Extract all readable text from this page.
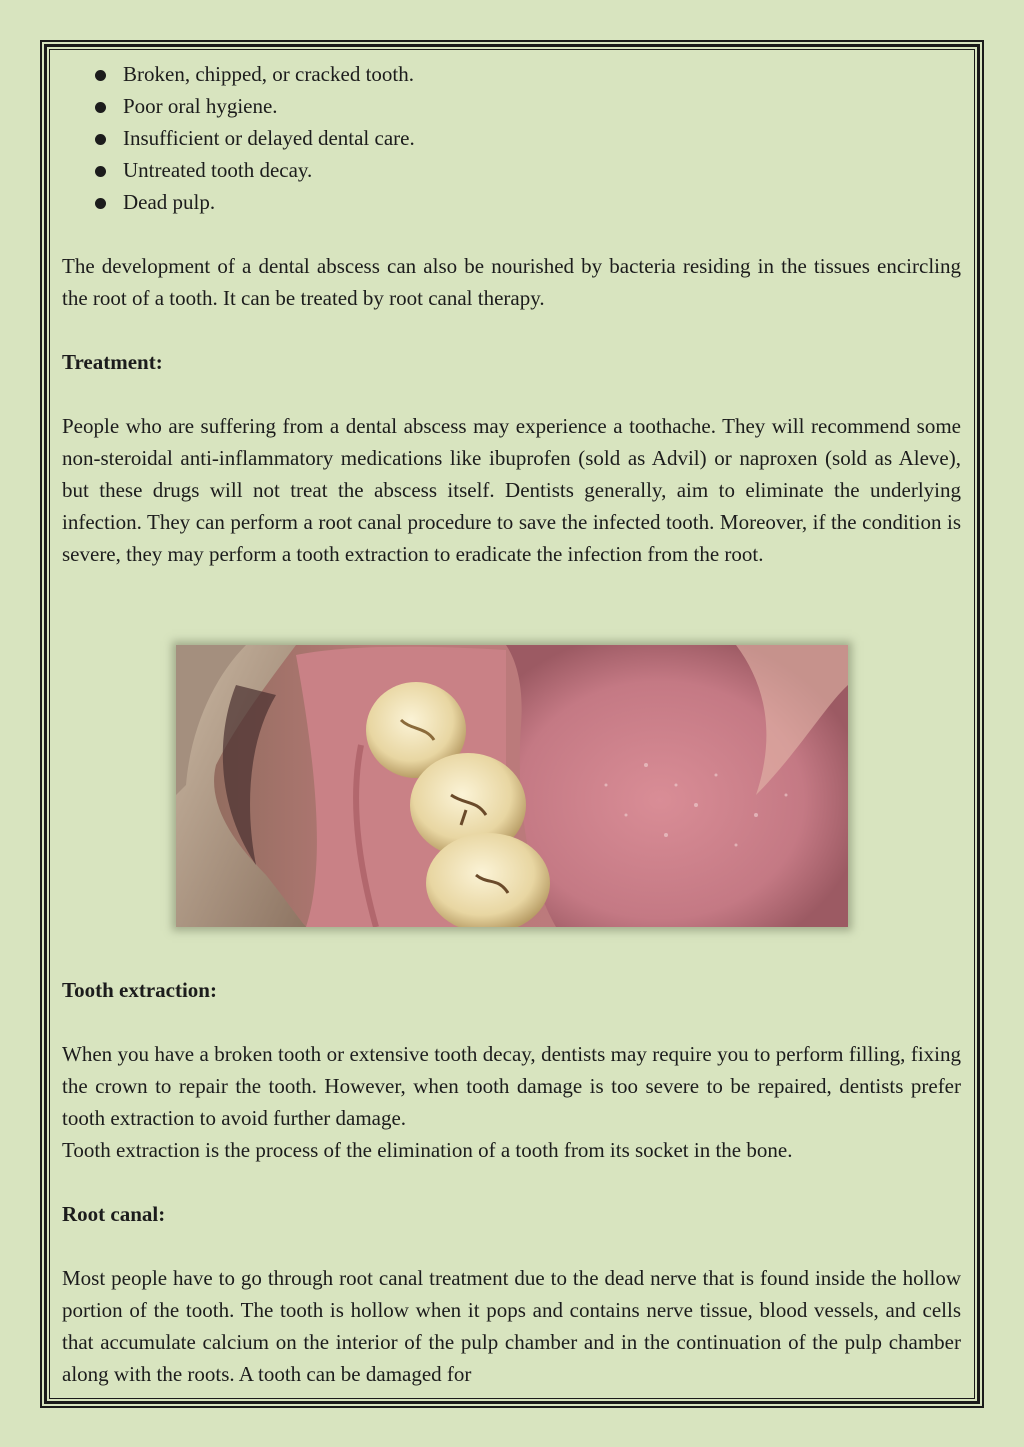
Broken, chipped, or cracked tooth.
Poor oral hygiene.
Insufficient or delayed dental care.
Untreated tooth decay.
Dead pulp.

The development of a dental abscess can also be nourished by bacteria residing in the tissues encircling the root of a tooth. It can be treated by root canal therapy.

Treatment:

People who are suffering from a dental abscess may experience a toothache. They will recommend some non-steroidal anti-inflammatory medications like ibuprofen (sold as Advil) or naproxen (sold as Aleve), but these drugs will not treat the abscess itself. Dentists generally, aim to eliminate the underlying infection. They can perform a root canal procedure to save the infected tooth. Moreover, if the condition is severe, they may perform a tooth extraction to eradicate the infection from the root.

Tooth extraction:

When you have a broken tooth or extensive tooth decay, dentists may require you to perform filling, fixing the crown to repair the tooth. However, when tooth damage is too severe to be repaired, dentists prefer tooth extraction to avoid further damage.

Tooth extraction is the process of the elimination of a tooth from its socket in the bone.

Root canal:

Most people have to go through root canal treatment due to the dead nerve that is found inside the hollow portion of the tooth. The tooth is hollow when it pops and contains nerve tissue, blood vessels, and cells that accumulate calcium on the interior of the pulp chamber and in the continuation of the pulp chamber along with the roots. A tooth can be damaged for
